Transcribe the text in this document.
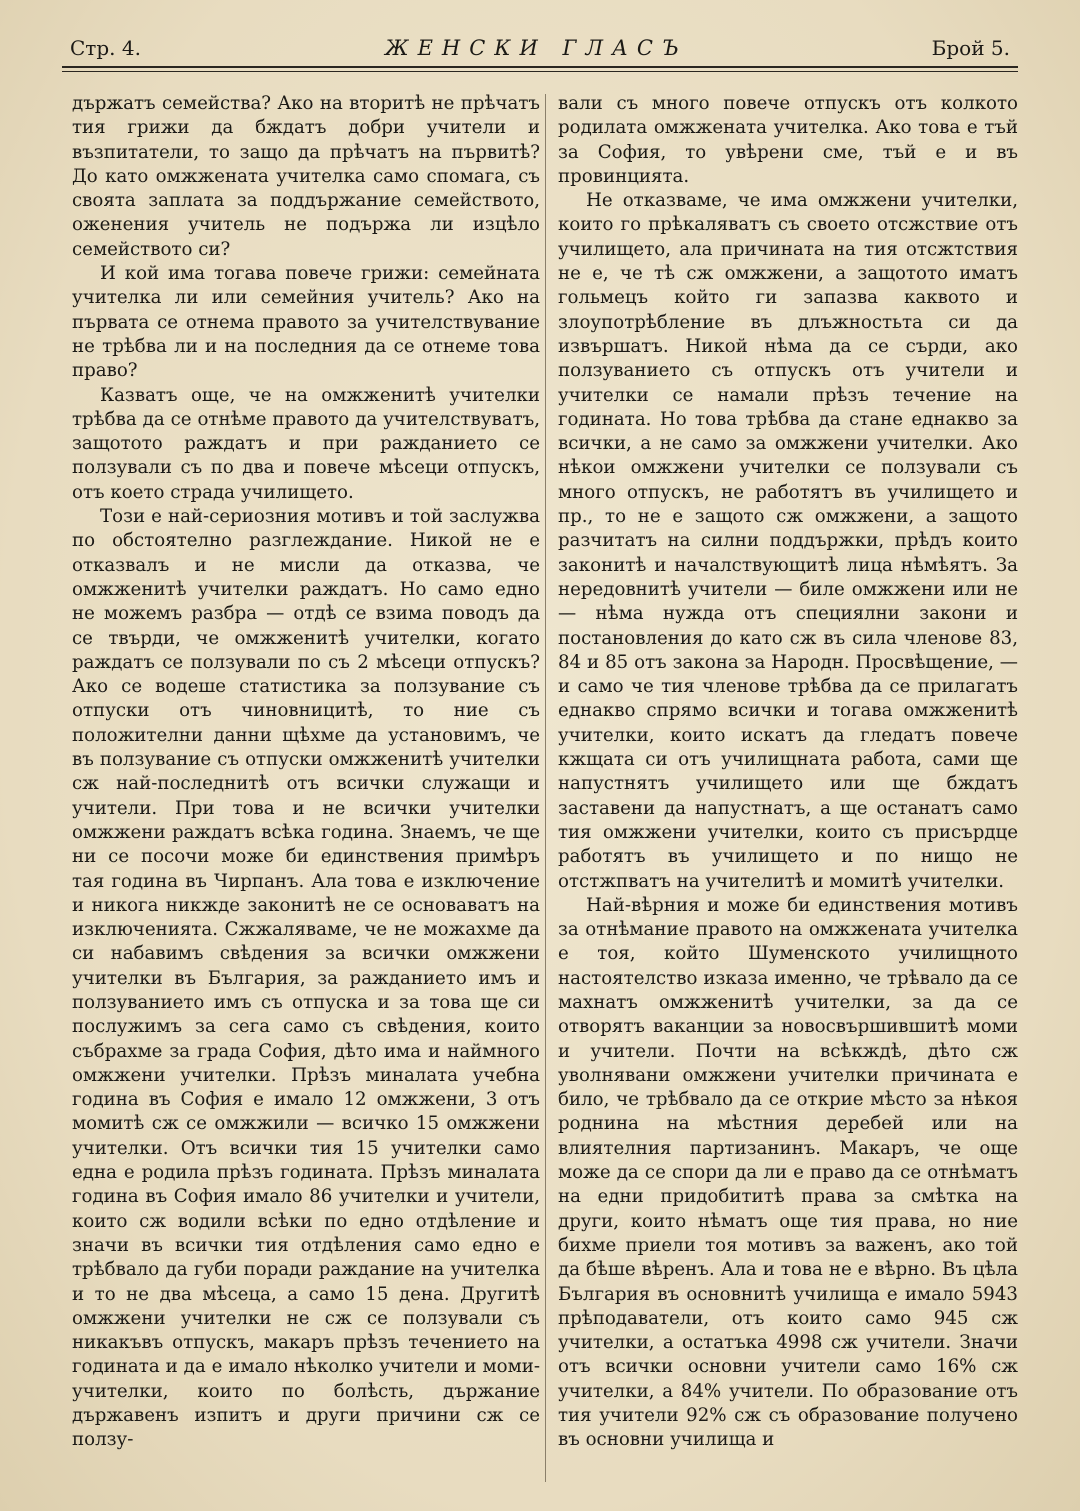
Стр. 4.	ЖЕНСКИ ГЛАСЪ	Брой 5.

държатъ семейства? Ако на вторитѣ не прѣчатъ тия грижи да бждатъ добри учители и възпитатели, то защо да прѣчатъ на първитѣ? До като омжжената учителка само спомага, съ своята заплата за поддържание семейството, оженения учитель не подържа ли изцѣло семейството си?

И кой има тогава повече грижи: семейната учителка ли или семейния учитель? Ако на първата се отнема правото за учителствувание не трѣбва ли и на последния да се отнеме това право?

Казватъ още, че на омжженитѣ учителки трѣбва да се отнѣме правото да учителствуватъ, защотото раждатъ и при ражданието се ползували съ по два и повече мѣсеци отпускъ, отъ което страда училището.

Този е най-сериозния мотивъ и той заслужва по обстоятелно разглеждание. Никой не е отказвалъ и не мисли да отказва, че омжженитѣ учителки раждатъ. Но само едно не можемъ разбра — отдѣ се взима поводъ да се твърди, че омжженитѣ учителки, когато раждатъ се ползували по съ 2 мѣсеци отпускъ? Ако се водеше статистика за ползувание съ отпуски отъ чиновницитѣ, то ние съ положителни данни щѣхме да установимъ, че въ ползувание съ отпуски омжженитѣ учителки сж най-последнитѣ отъ всички служащи и учители. При това и не всички учителки омжжени раждатъ всѣка година. Знаемъ, че ще ни се посочи може би единствения примѣръ тая година въ Чирпанъ. Ала това е изключение и никога никжде законитѣ не се основаватъ на изключенията. Сжжаляваме, че не можахме да си набавимъ свѣдения за всички омжжени учителки въ България, за ражданието имъ и ползуванието имъ съ отпуска и за това ще си послужимъ за сега само съ свѣдения, които събрахме за града София, дѣто има и наймного омжжени учителки. Прѣзъ миналата учебна година въ София е имало 12 омжжени, 3 отъ момитѣ сж се омжжили — всичко 15 омжжени учителки. Отъ всички тия 15 учителки само една е родила прѣзъ годината. Прѣзъ миналата година въ София имало 86 учителки и учители, които сж водили всѣки по едно отдѣление и значи въ всички тия отдѣления само едно е трѣбвало да губи поради раждание на учителка и то не два мѣсеца, а само 15 дена. Другитѣ омжжени учителки не сж се ползували съ никакъвъ отпускъ, макаръ прѣзъ течението на годината и да е имало нѣколко учители и моми-учителки, които по болѣсть, държание държавенъ изпитъ и други причини сж се ползу-

вали съ много повече отпускъ отъ колкото родилата омжжената учителка. Ако това е тъй за София, то увѣрени сме, тъй е и въ провинцията.

Не отказваме, че има омжжени учителки, които го прѣкаляватъ съ своето отсжствие отъ училището, ала причината на тия отсжтствия не е, че тѣ сж омжжени, а защотото иматъ гольмецъ който ги запазва каквото и злоупотрѣбление въ длъжностьта си да извършатъ. Никой нѣма да се сърди, ако ползуванието съ отпускъ отъ учители и учителки се намали прѣзъ течение на годината. Но това трѣбва да стане еднакво за всички, а не само за омжжени учителки. Ако нѣкои омжжени учителки се ползували съ много отпускъ, не работятъ въ училището и пр., то не е защото сж омжжени, а защото разчитатъ на силни поддържки, прѣдъ които законитѣ и началствующитѣ лица нѣмѣятъ. За нередовнитѣ учители — биле омжжени или не — нѣма нужда отъ специялни закони и постановления до като сж въ сила членове 83, 84 и 85 отъ закона за Народн. Просвѣщение, — и само че тия членове трѣбва да се прилагатъ еднакво спрямо всички и тогава омжженитѣ учителки, които искатъ да гледатъ повече кжщата си отъ училищната работа, сами ще напустнятъ училището или ще бждатъ заставени да напустнатъ, а ще останатъ само тия омжжени учителки, които съ присърдце работятъ въ училището и по нищо не отстжпватъ на учителитѣ и момитѣ учителки.

Най-вѣрния и може би единствения мотивъ за отнѣмание правото на омжжената учителка е тоя, който Шуменското училищното настоятелство изказа именно, че трѣвало да се махнатъ омжженитѣ учителки, за да се отворятъ ваканции за новосвършившитѣ моми и учители. Почти на всѣкждѣ, дѣто сж уволнявани омжжени учителки причината е било, че трѣбвало да се открие мѣсто за нѣкоя роднина на мѣстния деребей или на влиятелния партизанинъ. Макаръ, че още може да се спори да ли е право да се отнѣматъ на едни придобититѣ права за смѣтка на други, които нѣматъ още тия права, но ние бихме приели тоя мотивъ за важенъ, ако той да бѣше вѣренъ. Ала и това не е вѣрно. Въ цѣла България въ основнитѣ училища е имало 5943 прѣподаватели, отъ които само 945 сж учителки, а остатъка 4998 сж учители. Значи отъ всички основни учители само 16% сж учителки, а 84% учители. По образование отъ тия учители 92% сж съ образование получено въ основни училища и
